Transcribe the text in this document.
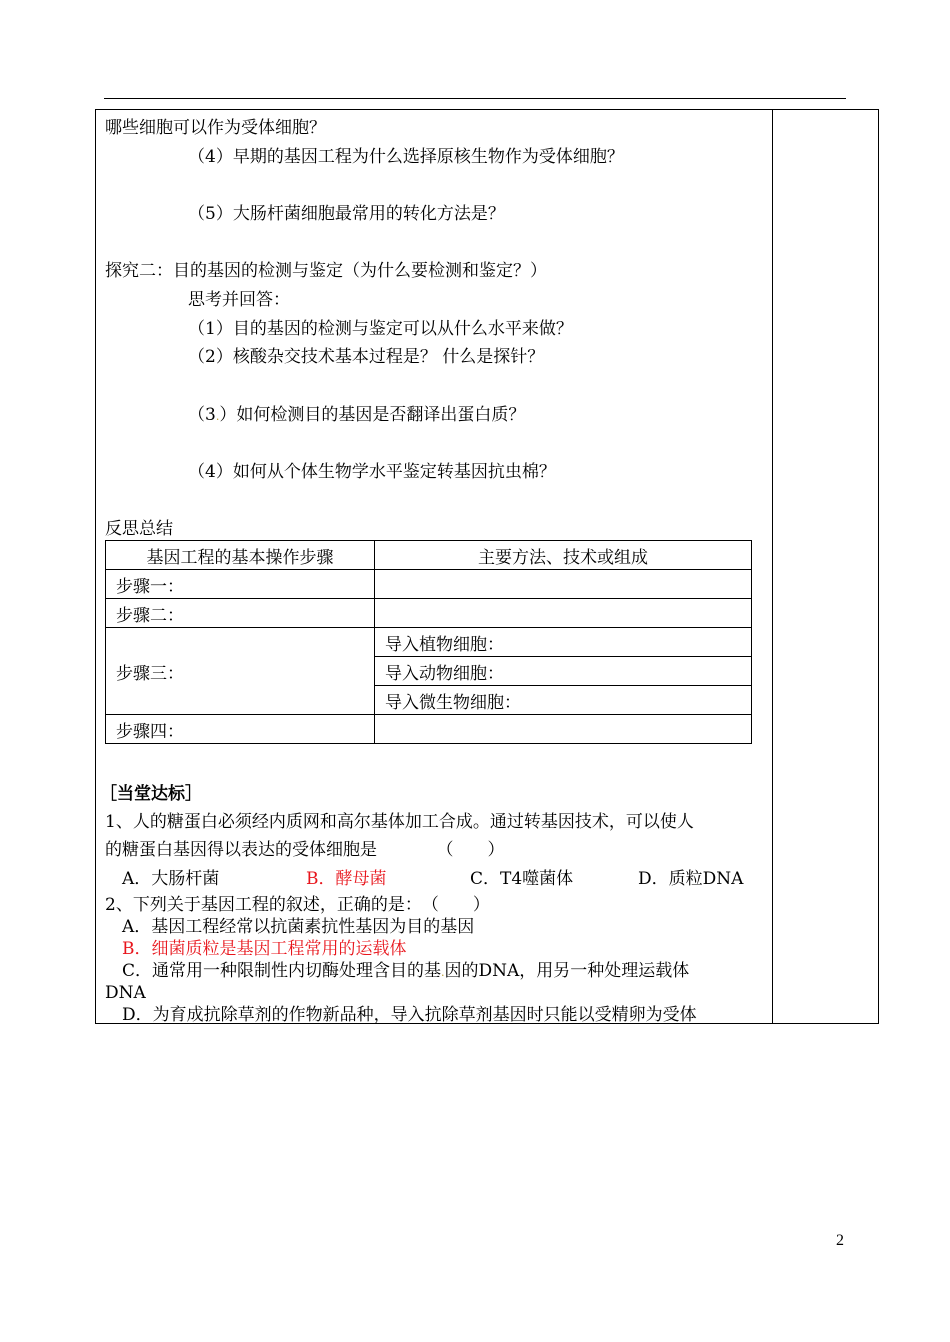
哪些细胞可以作为受体细胞？
（4）早期的基因工程为什么选择原核生物作为受体细胞？
（5）大肠杆菌细胞最常用的转化方法是？
探究二：目的基因的检测与鉴定（为什么要检测和鉴定？）
思考并回答：
（1）目的基因的检测与鉴定可以从什么水平来做？
（2）核酸杂交技术基本过程是？ 什么是探针？
（3.）如何检测目的基因是否翻译出蛋白质？
（4）如何从个体生物学水平鉴定转基因抗虫棉？
反思总结
基因工程的基本操作步骤	主要方法、技术或组成
步骤一：	
步骤二：	
步骤三：	导入植物细胞：
	导入动物细胞：
	导入微生物细胞：
步骤四：	
［当堂达标］
1、人的糖蛋白必须经内质网和高尔基体加工合成。通过转基因技术，可以使人
的糖蛋白基因得以表达的受体细胞是　　　　（　　）
A．大肠杆菌	B．酵母菌	C．T4噬菌体	D．质粒DNA
2、下列关于基因工程的叙述，正确的是：　（　　）
A．基因工程经常以抗菌素抗性基因为目的基因
B．细菌质粒是基因工程常用的运载体
C．通常用一种限制性内切酶处理含目的基.因的DNA，用另一种处理运载体
DNA
D．为育成抗除草剂的作物新品种，导入抗除草剂基因时只能以受精卵为受体
2
